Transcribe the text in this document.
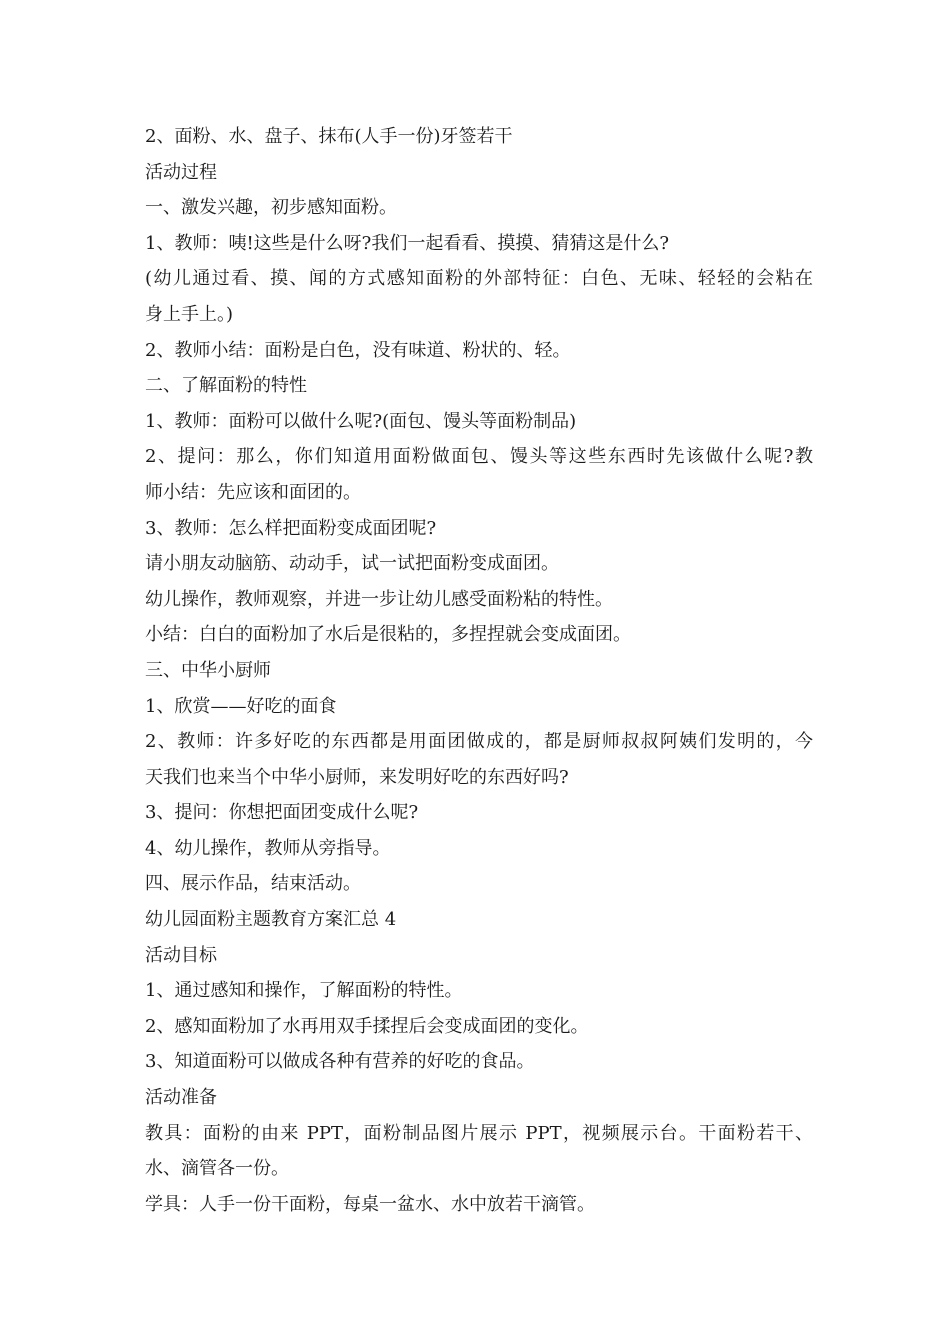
2、面粉、水、盘子、抹布(人手一份)牙签若干
活动过程
一、激发兴趣，初步感知面粉。
1、教师：咦!这些是什么呀?我们一起看看、摸摸、猜猜这是什么?
(幼儿通过看、摸、闻的方式感知面粉的外部特征：白色、无味、轻轻的会粘在
身上手上。)
2、教师小结：面粉是白色，没有味道、粉状的、轻。
二、了解面粉的特性
1、教师：面粉可以做什么呢?(面包、馒头等面粉制品)
2、提问：那么，你们知道用面粉做面包、馒头等这些东西时先该做什么呢?教
师小结：先应该和面团的。
3、教师：怎么样把面粉变成面团呢?
请小朋友动脑筋、动动手，试一试把面粉变成面团。
幼儿操作，教师观察，并进一步让幼儿感受面粉粘的特性。
小结：白白的面粉加了水后是很粘的，多捏捏就会变成面团。
三、中华小厨师
1、欣赏——好吃的面食
2、教师：许多好吃的东西都是用面团做成的，都是厨师叔叔阿姨们发明的，今
天我们也来当个中华小厨师，来发明好吃的东西好吗?
3、提问：你想把面团变成什么呢?
4、幼儿操作，教师从旁指导。
四、展示作品，结束活动。
幼儿园面粉主题教育方案汇总 4
活动目标
1、通过感知和操作，了解面粉的特性。
2、感知面粉加了水再用双手揉捏后会变成面团的变化。
3、知道面粉可以做成各种有营养的好吃的食品。
活动准备
教具：面粉的由来 PPT，面粉制品图片展示 PPT，视频展示台。干面粉若干、
水、滴管各一份。
学具：人手一份干面粉，每桌一盆水、水中放若干滴管。
